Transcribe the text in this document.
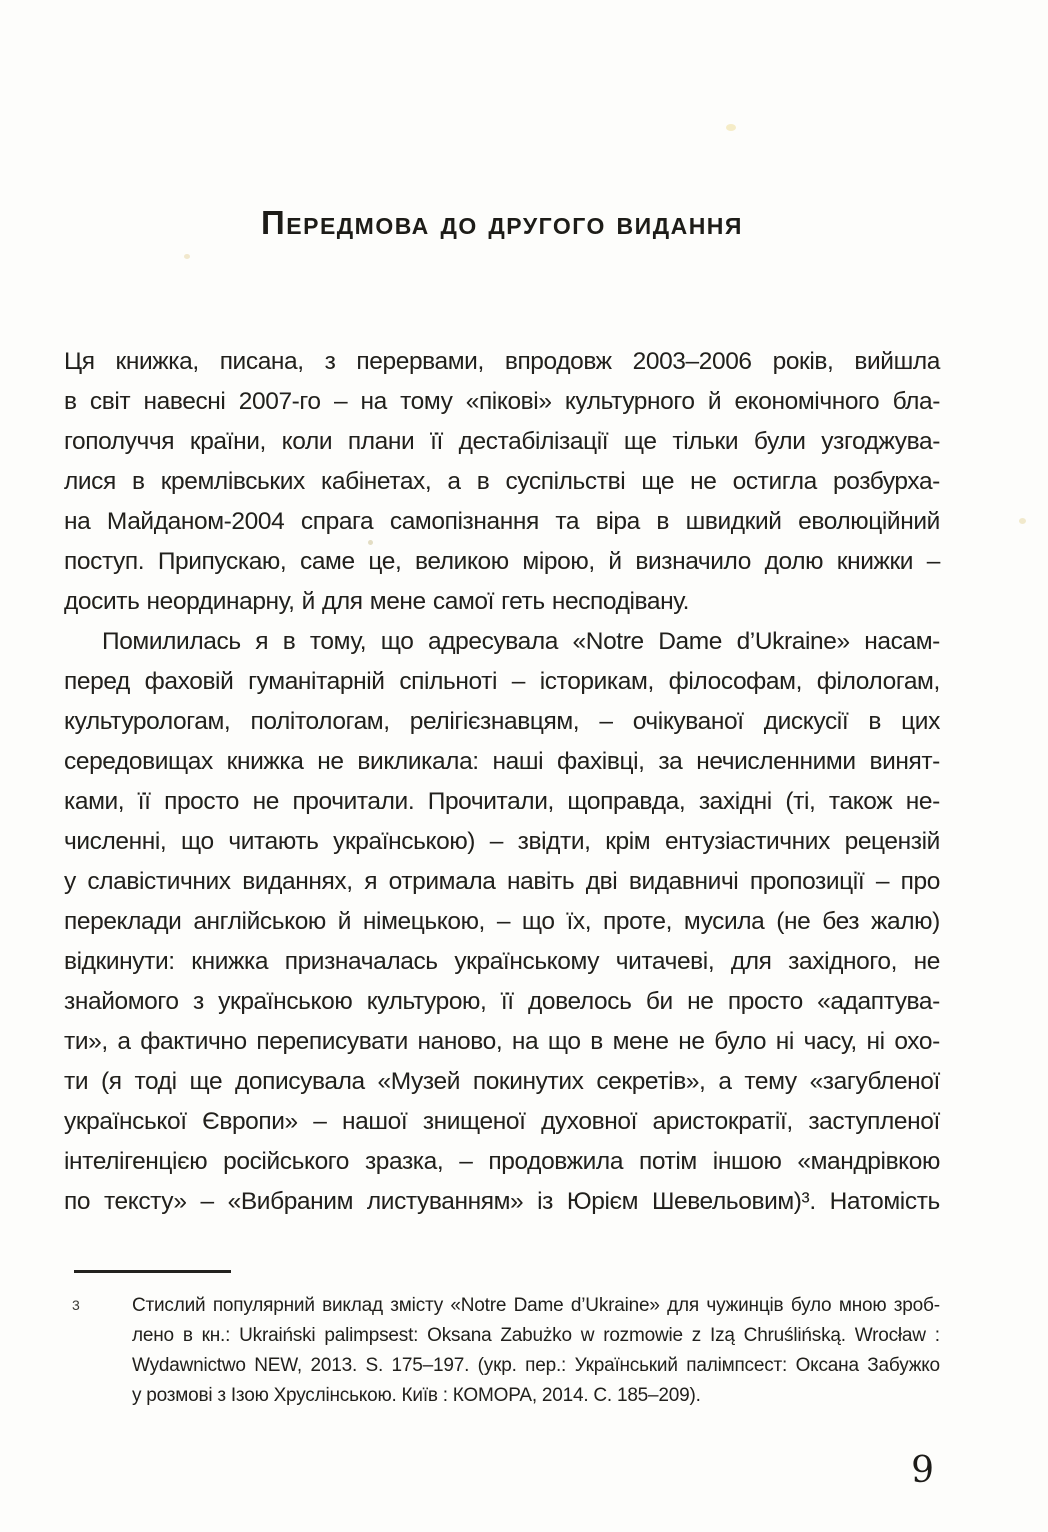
Передмова до другого видання
Ця книжка, писана, з перервами, впродовж 2003–2006 років, вийшла
в світ навесні 2007-го – на тому «пікові» культурного й економічного бла-
гополуччя країни, коли плани її дестабілізації ще тільки були узгоджува-
лися в кремлівських кабінетах, а в суспільстві ще не остигла розбурха-
на Майданом-2004 спрага самопізнання та віра в швидкий еволюційний
поступ. Припускаю, саме це, великою мірою, й визначило долю книжки –
досить неординарну, й для мене самої геть несподівану.
Помилилась я в тому, що адресувала «Notre Dame d’Ukraine» насам-
перед фаховій гуманітарній спільноті – історикам, філософам, філологам,
культурологам, політологам, релігієзнавцям, – очікуваної дискусії в цих
середовищах книжка не викликала: наші фахівці, за нечисленними винят-
ками, її просто не прочитали. Прочитали, щоправда, західні (ті, також не-
численні, що читають українською) – звідти, крім ентузіастичних рецензій
у славістичних виданнях, я отримала навіть дві видавничі пропозиції – про
переклади англійською й німецькою, – що їх, проте, мусила (не без жалю)
відкинути: книжка призначалась українському читачеві, для західного, не
знайомого з українською культурою, її довелось би не просто «адаптува-
ти», а фактично переписувати наново, на що в мене не було ні часу, ні охо-
ти (я тоді ще дописувала «Музей покинутих секретів», а тему «загубленої
української Європи» – нашої знищеної духовної аристократії, заступленої
інтелігенцією російського зразка, – продовжила потім іншою «мандрівкою
по тексту» – «Вибраним листуванням» із Юрієм Шевельовим)³. Натомість
3	Стислий популярний виклад змісту «Notre Dame d’Ukraine» для чужинців було мною зроб-
лено в кн.: Ukraiński palimpsest: Oksana Zabużko w rozmowie z Izą Chruślińską. Wrocław :
Wydawnictwo NEW, 2013. S. 175–197. (укр. пер.: Український палімпсест: Оксана Забужко
у розмові з Ізою Хруслінською. Київ : КОМОРА, 2014. С. 185–209).
9
